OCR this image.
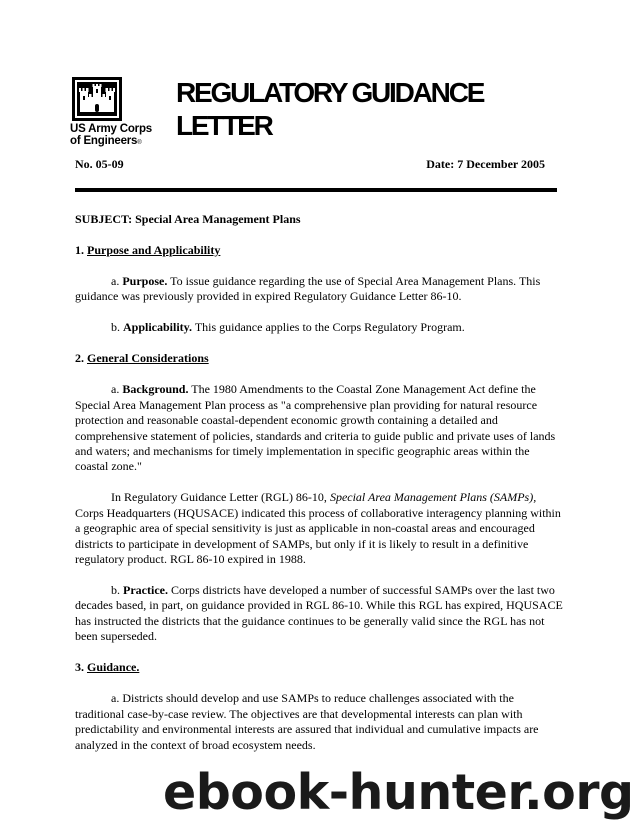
US Army Corps
of Engineers®
REGULATORY GUIDANCE
LETTER
No. 05-09	Date: 7 December 2005

SUBJECT: Special Area Management Plans

1. Purpose and Applicability

a. Purpose. To issue guidance regarding the use of Special Area Management Plans. This guidance was previously provided in expired Regulatory Guidance Letter 86-10.

b. Applicability. This guidance applies to the Corps Regulatory Program.

2. General Considerations

a. Background. The 1980 Amendments to the Coastal Zone Management Act define the Special Area Management Plan process as "a comprehensive plan providing for natural resource protection and reasonable coastal-dependent economic growth containing a detailed and comprehensive statement of policies, standards and criteria to guide public and private uses of lands and waters; and mechanisms for timely implementation in specific geographic areas within the coastal zone."

In Regulatory Guidance Letter (RGL) 86-10, Special Area Management Plans (SAMPs), Corps Headquarters (HQUSACE) indicated this process of collaborative interagency planning within a geographic area of special sensitivity is just as applicable in non-coastal areas and encouraged districts to participate in development of SAMPs, but only if it is likely to result in a definitive regulatory product. RGL 86-10 expired in 1988.

b. Practice. Corps districts have developed a number of successful SAMPs over the last two decades based, in part, on guidance provided in RGL 86-10. While this RGL has expired, HQUSACE has instructed the districts that the guidance continues to be generally valid since the RGL has not been superseded.

3. Guidance.

a. Districts should develop and use SAMPs to reduce challenges associated with the traditional case-by-case review. The objectives are that developmental interests can plan with predictability and environmental interests are assured that individual and cumulative impacts are analyzed in the context of broad ecosystem needs.

ebook-hunter.org
